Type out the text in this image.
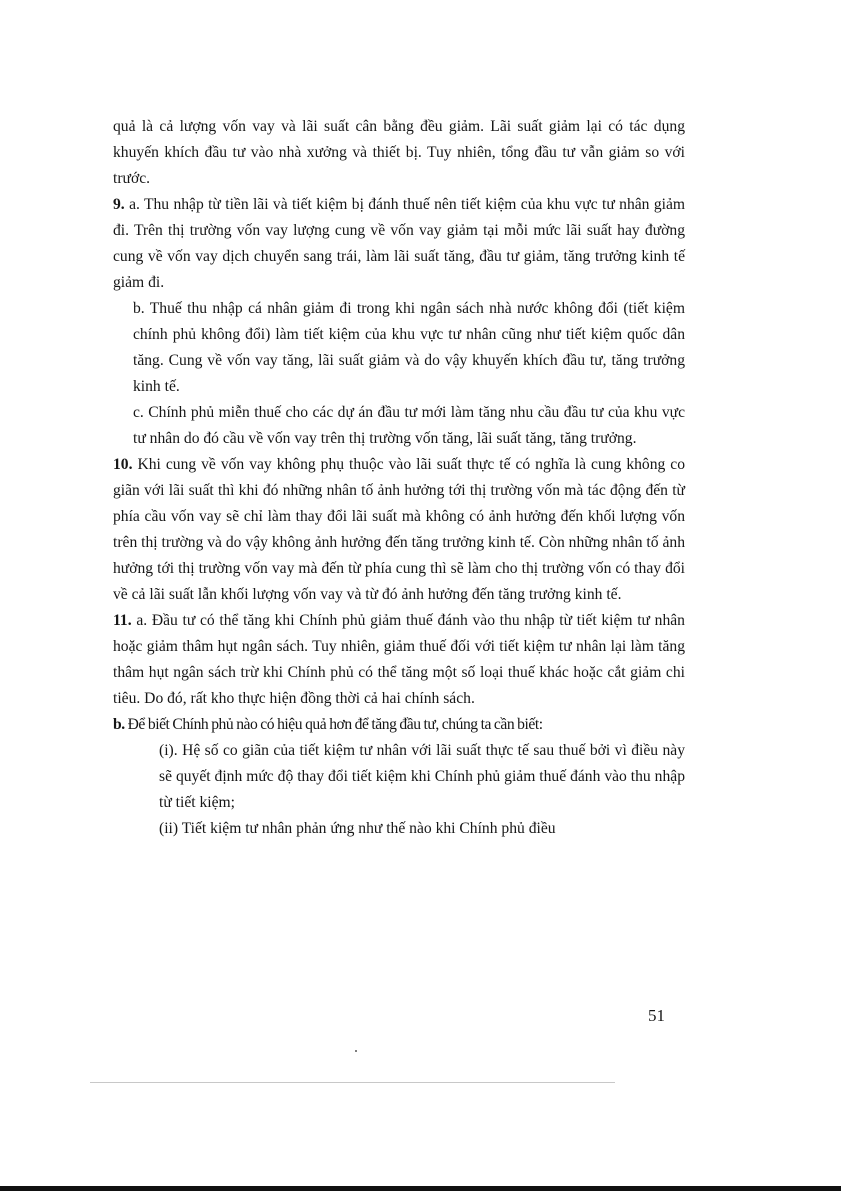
quả là cả lượng vốn vay và lãi suất cân bằng đều giảm. Lãi suất giảm lại có tác dụng khuyến khích đầu tư vào nhà xưởng và thiết bị. Tuy nhiên, tổng đầu tư vẫn giảm so với trước.

9. a. Thu nhập từ tiền lãi và tiết kiệm bị đánh thuế nên tiết kiệm của khu vực tư nhân giảm đi. Trên thị trường vốn vay lượng cung về vốn vay giảm tại mỗi mức lãi suất hay đường cung về vốn vay dịch chuyển sang trái, làm lãi suất tăng, đầu tư giảm, tăng trưởng kinh tế giảm đi.

b. Thuế thu nhập cá nhân giảm đi trong khi ngân sách nhà nước không đổi (tiết kiệm chính phủ không đổi) làm tiết kiệm của khu vực tư nhân cũng như tiết kiệm quốc dân tăng. Cung về vốn vay tăng, lãi suất giảm và do vậy khuyến khích đầu tư, tăng trưởng kinh tế.

c. Chính phủ miễn thuế cho các dự án đầu tư mới làm tăng nhu cầu đầu tư của khu vực tư nhân do đó cầu về vốn vay trên thị trường vốn tăng, lãi suất tăng, tăng trưởng.

10. Khi cung về vốn vay không phụ thuộc vào lãi suất thực tế có nghĩa là cung không co giãn với lãi suất thì khi đó những nhân tố ảnh hưởng tới thị trường vốn mà tác động đến từ phía cầu vốn vay sẽ chỉ làm thay đổi lãi suất mà không có ảnh hưởng đến khối lượng vốn trên thị trường và do vậy không ảnh hưởng đến tăng trưởng kinh tế. Còn những nhân tố ảnh hưởng tới thị trường vốn vay mà đến từ phía cung thì sẽ làm cho thị trường vốn có thay đổi về cả lãi suất lẫn khối lượng vốn vay và từ đó ảnh hưởng đến tăng trưởng kinh tế.

11. a. Đầu tư có thể tăng khi Chính phủ giảm thuế đánh vào thu nhập từ tiết kiệm tư nhân hoặc giảm thâm hụt ngân sách. Tuy nhiên, giảm thuế đối với tiết kiệm tư nhân lại làm tăng thâm hụt ngân sách trừ khi Chính phủ có thể tăng một số loại thuế khác hoặc cắt giảm chi tiêu. Do đó, rất kho thực hiện đồng thời cả hai chính sách.

b. Để biết Chính phủ nào có hiệu quả hơn để tăng đầu tư, chúng ta cần biết:

(i). Hệ số co giãn của tiết kiệm tư nhân với lãi suất thực tế sau thuế bởi vì điều này sẽ quyết định mức độ thay đổi tiết kiệm khi Chính phủ giảm thuế đánh vào thu nhập từ tiết kiệm;

(ii) Tiết kiệm tư nhân phản ứng như thế nào khi Chính phủ điều

51
